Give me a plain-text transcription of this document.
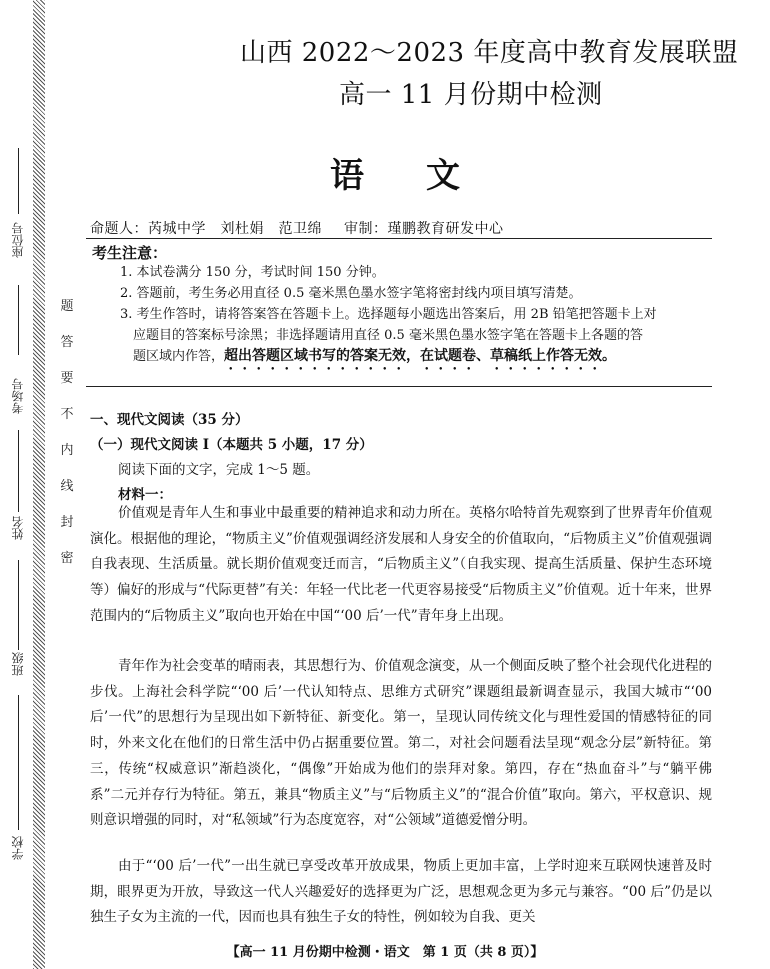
题
答
要
不
内
线
封
密
座位号
考场号
姓名
班级
学校
山西 2022～2023 年度高中教育发展联盟
高一 11 月份期中检测
语文
命题人：芮城中学　刘杜娟　范卫绵 审制：瑾鹏教育研发中心
考生注意：
1. 本试卷满分 150 分，考试时间 150 分钟。
2. 答题前，考生务必用直径 0.5 毫米黑色墨水签字笔将密封线内项目填写清楚。
3. 考生作答时，请将答案答在答题卡上。选择题每小题选出答案后，用 2B 铅笔把答题卡上对
应题目的答案标号涂黑；非选择题请用直径 0.5 毫米黑色墨水签字笔在答题卡上各题的答
题区域内作答，超出答题区域书写的答案无效，在试题卷、草稿纸上作答无效。
一、现代文阅读（35 分）
（一）现代文阅读 Ⅰ（本题共 5 小题，17 分）
阅读下面的文字，完成 1～5 题。
材料一：
价值观是青年人生和事业中最重要的精神追求和动力所在。英格尔哈特首先观察到了世界青年价值观演化。根据他的理论，“物质主义”价值观强调经济发展和人身安全的价值取向，“后物质主义”价值观强调自我表现、生活质量。就长期价值观变迁而言，“后物质主义”（自我实现、提高生活质量、保护生态环境等）偏好的形成与“代际更替”有关：年轻一代比老一代更容易接受“后物质主义”价值观。近十年来，世界范围内的“后物质主义”取向也开始在中国“‘00 后’一代”青年身上出现。
青年作为社会变革的晴雨表，其思想行为、价值观念演变，从一个侧面反映了整个社会现代化进程的步伐。上海社会科学院“‘00 后’一代认知特点、思维方式研究”课题组最新调查显示，我国大城市“‘00 后’一代”的思想行为呈现出如下新特征、新变化。第一，呈现认同传统文化与理性爱国的情感特征的同时，外来文化在他们的日常生活中仍占据重要位置。第二，对社会问题看法呈现“观念分层”新特征。第三，传统“权威意识”渐趋淡化，“偶像”开始成为他们的崇拜对象。第四，存在“热血奋斗”与“躺平佛系”二元并存行为特征。第五，兼具“物质主义”与“后物质主义”的“混合价值”取向。第六，平权意识、规则意识增强的同时，对“私领域”行为态度宽容，对“公领域”道德爱憎分明。
由于“‘00 后’一代”一出生就已享受改革开放成果，物质上更加丰富，上学时迎来互联网快速普及时期，眼界更为开放，导致这一代人兴趣爱好的选择更为广泛，思想观念更为多元与兼容。“00 后”仍是以独生子女为主流的一代，因而也具有独生子女的特性，例如较为自我、更关
【高一 11 月份期中检测・语文　第 1 页（共 8 页）】
